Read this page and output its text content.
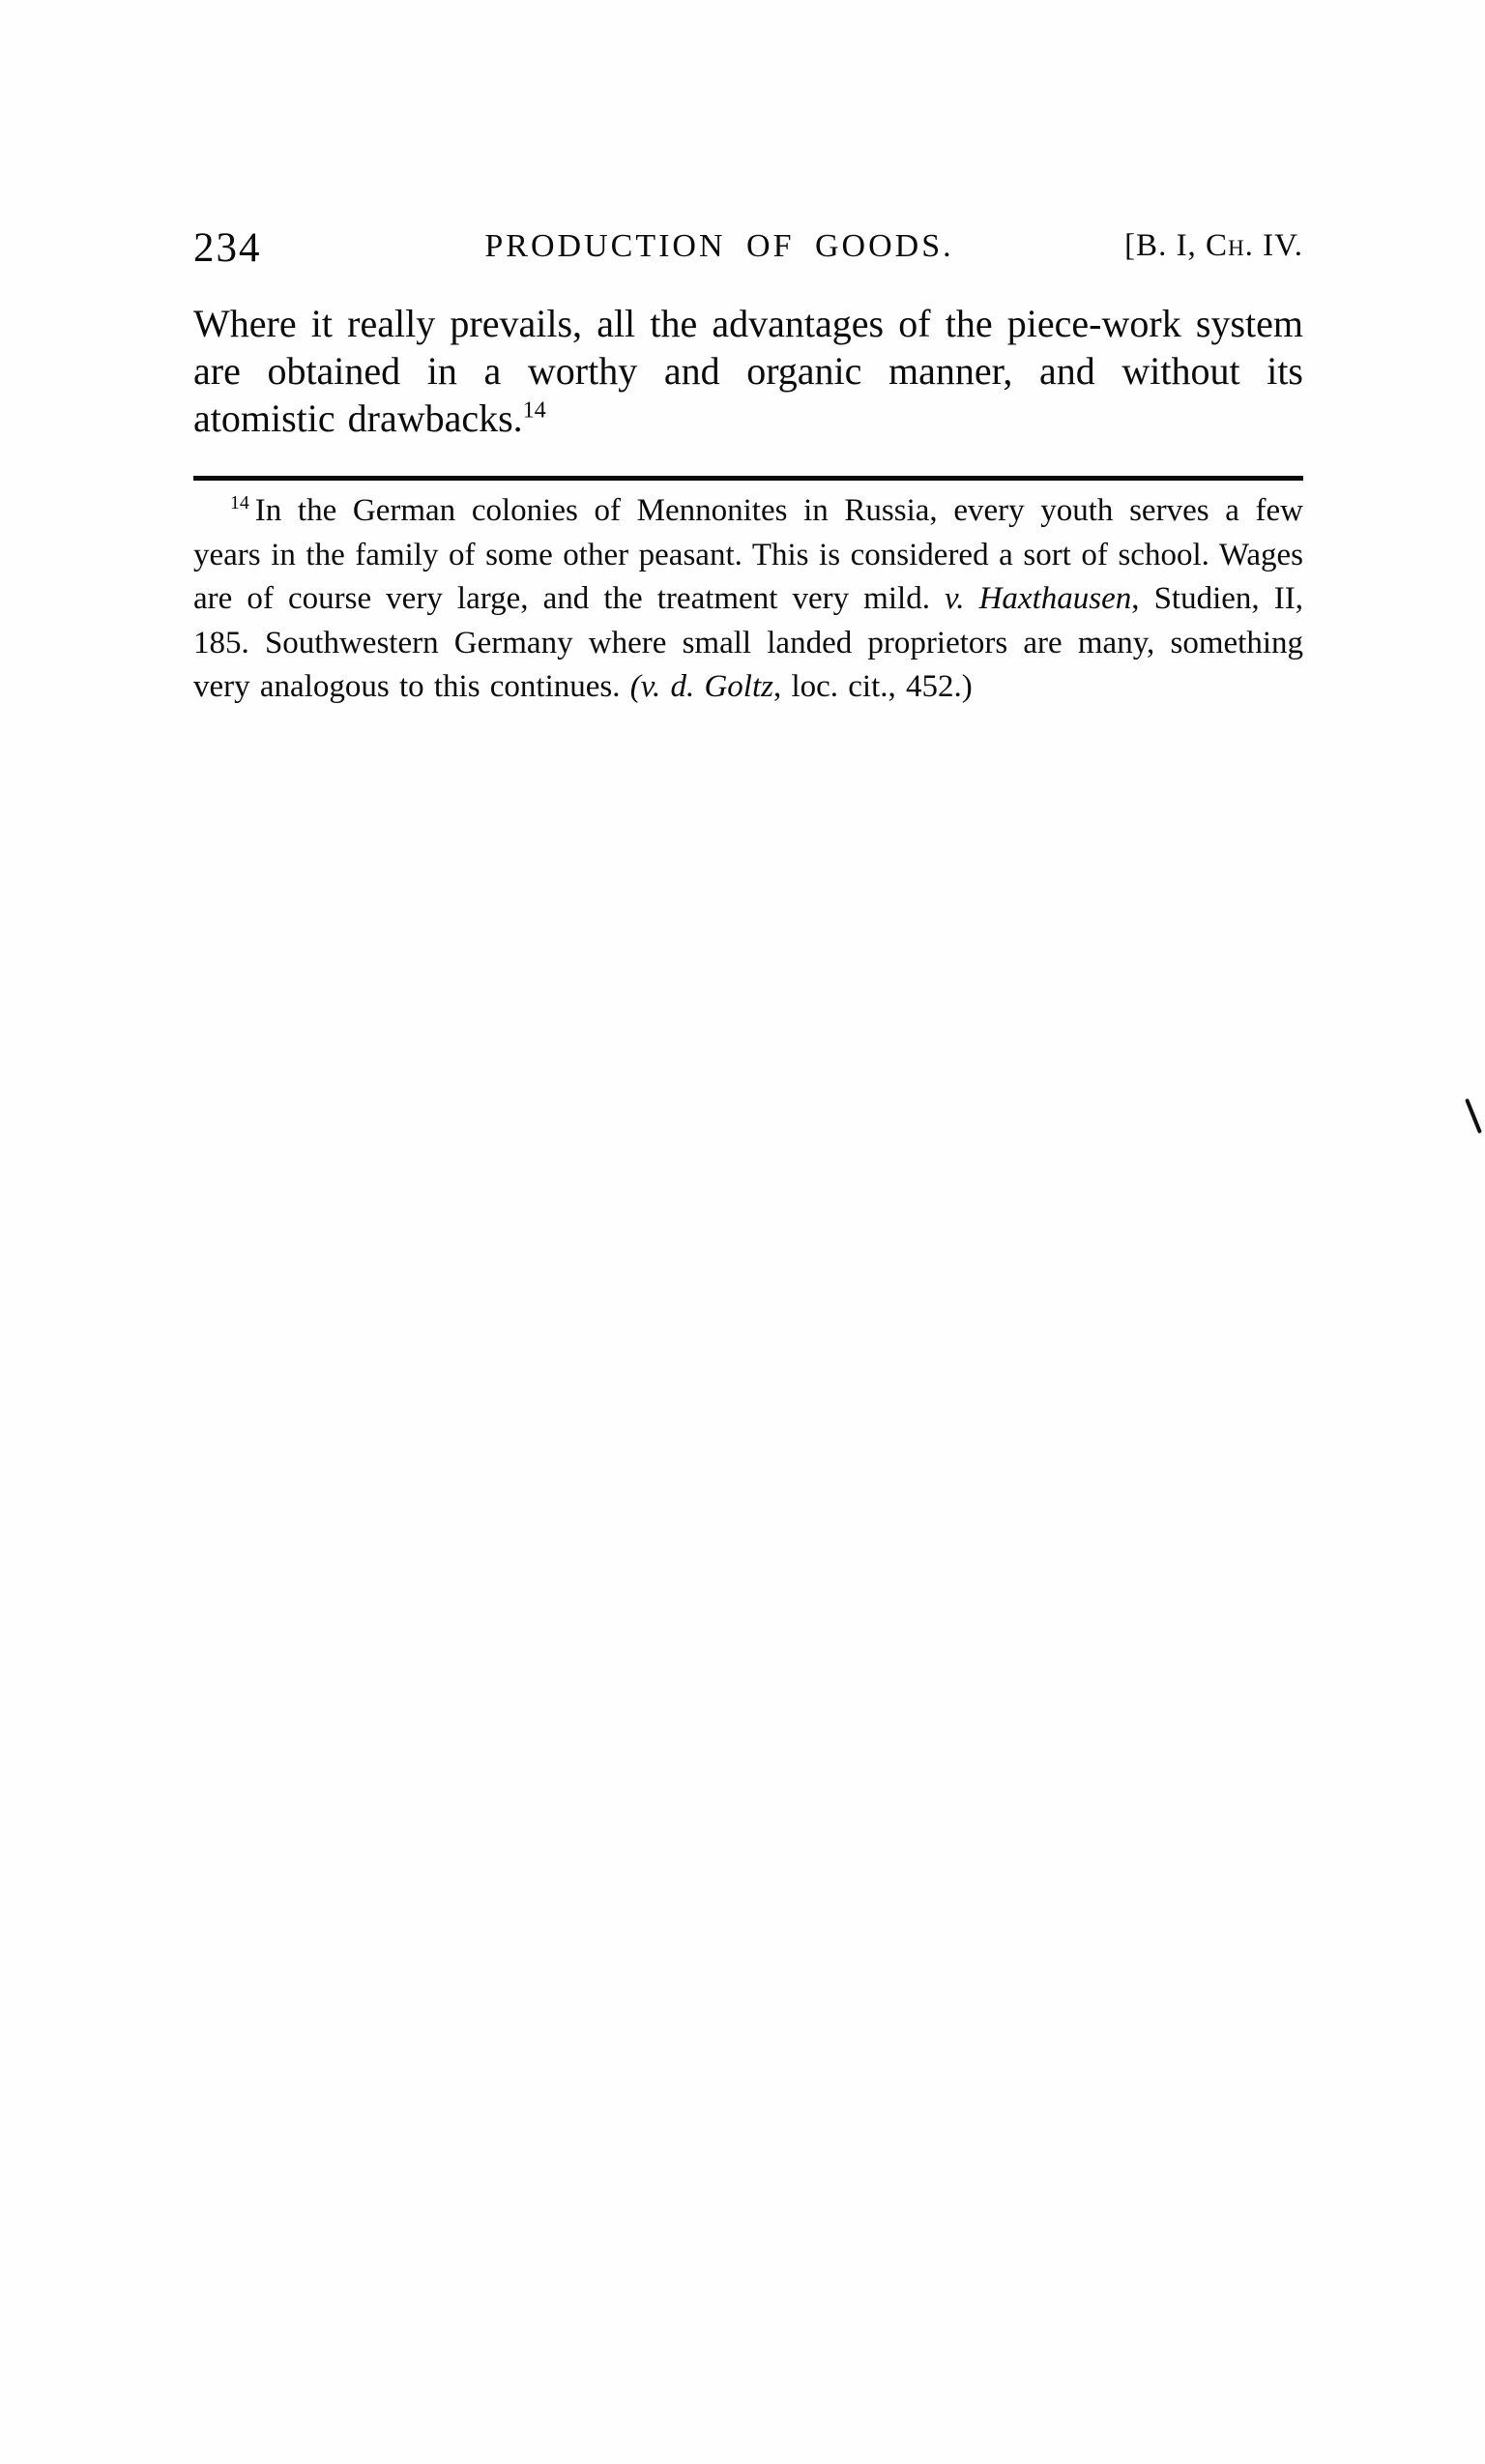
234	PRODUCTION OF GOODS.	[B. I, Ch. IV.

Where it really prevails, all the advantages of the piece-work system are obtained in a worthy and organic manner, and without its atomistic drawbacks.$^{14}$

$^{14}$ In the German colonies of Mennonites in Russia, every youth serves a few years in the family of some other peasant. This is considered a sort of school. Wages are of course very large, and the treatment very mild. v. Haxthausen, Studien, II, 185. Southwestern Germany where small landed proprietors are many, something very analogous to this continues. (v. d. Goltz, loc. cit., 452.)
